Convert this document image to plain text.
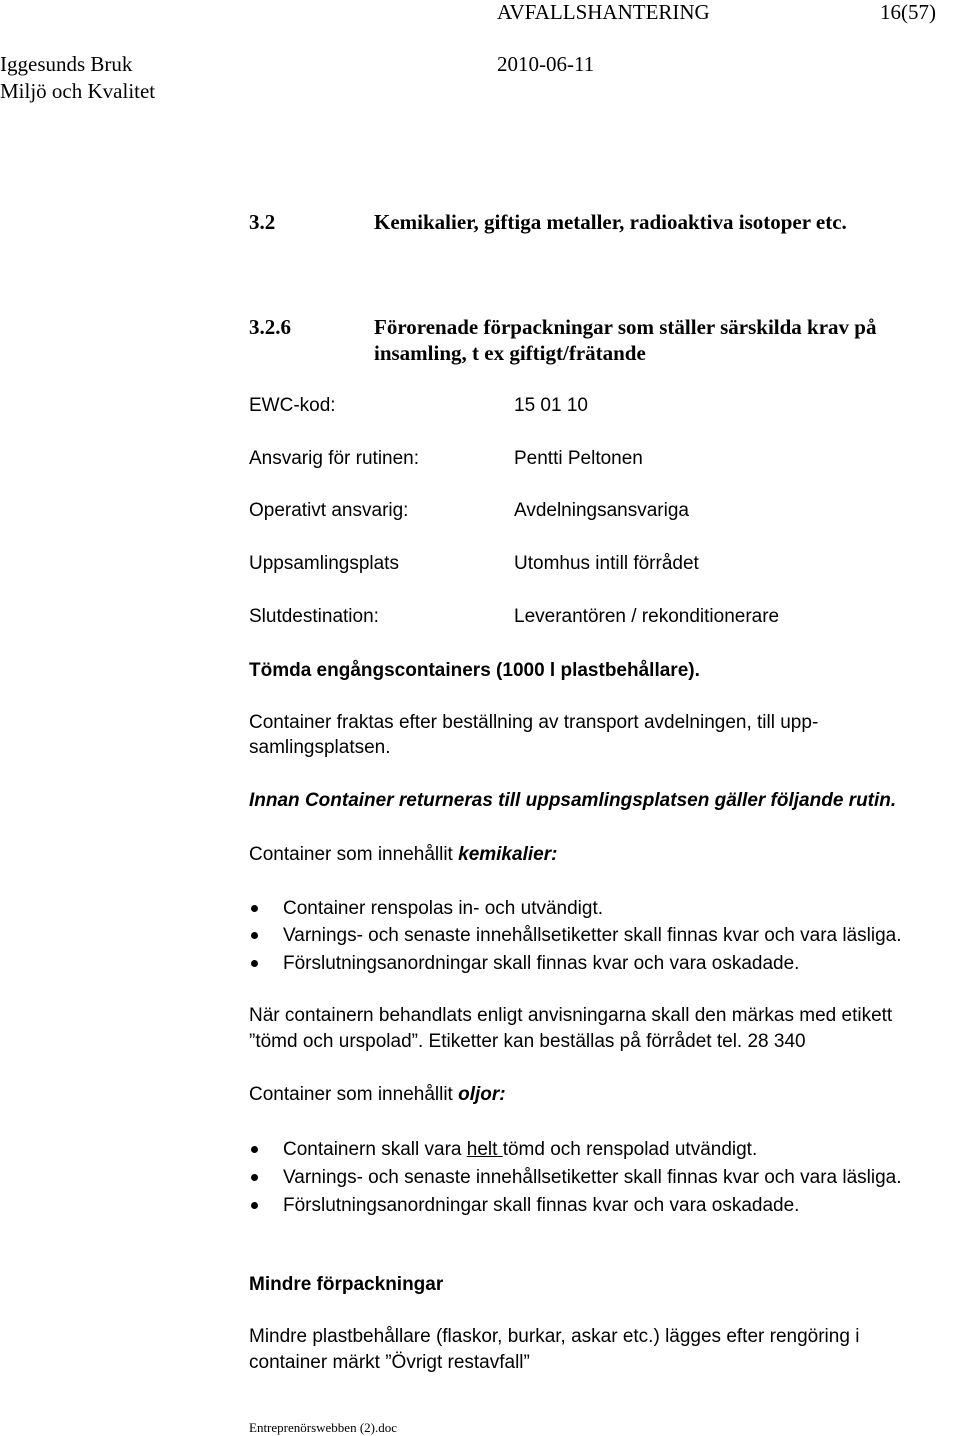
AVFALLSHANTERING	16(57)
Iggesunds Bruk	2010-06-11
Miljö och Kvalitet
3.2	Kemikalier, giftiga metaller, radioaktiva isotoper etc.
3.2.6	Förorenade förpackningar som ställer särskilda krav på
insamling, t ex giftigt/frätande
EWC-kod:	15 01 10
Ansvarig för rutinen:	Pentti Peltonen
Operativt ansvarig:	Avdelningsansvariga
Uppsamlingsplats	Utomhus intill förrådet
Slutdestination:	Leverantören / rekonditionerare
Tömda engångscontainers (1000 l plastbehållare).
Container fraktas efter beställning av transport avdelningen, till upp-
samlingsplatsen.
Innan Container returneras till uppsamlingsplatsen gäller följande rutin.
Container som innehållit kemikalier:
Container renspolas in- och utvändigt.
Varnings- och senaste innehållsetiketter skall finnas kvar och vara läsliga.
Förslutningsanordningar skall finnas kvar och vara oskadade.
När containern behandlats enligt anvisningarna skall den märkas med etikett
”tömd och urspolad”. Etiketter kan beställas på förrådet tel. 28 340
Container som innehållit oljor:
Containern skall vara helt tömd och renspolad utvändigt.
Varnings- och senaste innehållsetiketter skall finnas kvar och vara läsliga.
Förslutningsanordningar skall finnas kvar och vara oskadade.
Mindre förpackningar
Mindre plastbehållare (flaskor, burkar, askar etc.) lägges efter rengöring i
container märkt ”Övrigt restavfall”
Entreprenörswebben (2).doc
